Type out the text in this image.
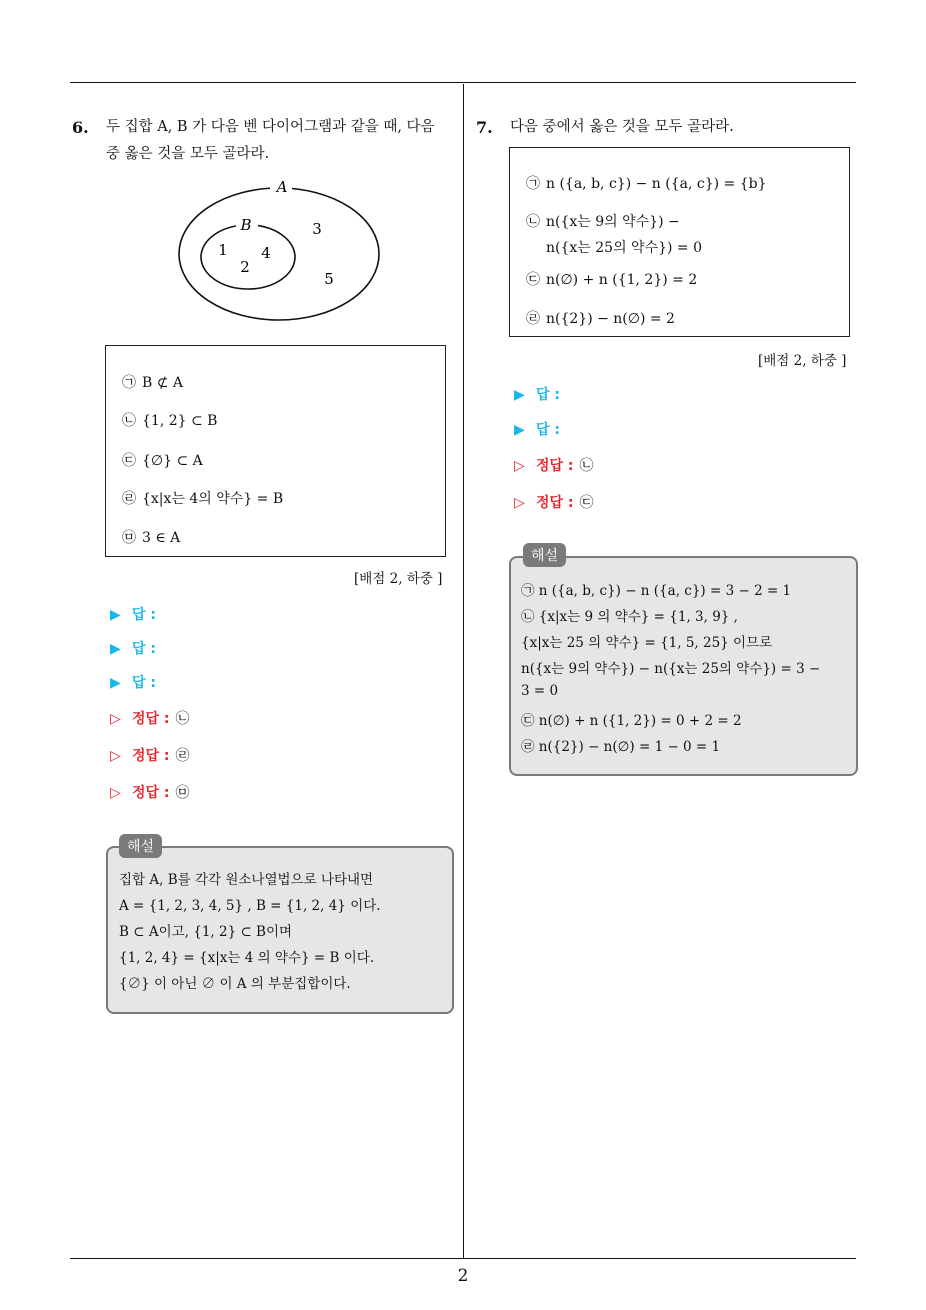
6. 두 집합 A, B 가 다음 벤 다이어그램과 같을 때, 다음
중 옳은 것을 모두 골라라.
A
B
1
2
4
3
5
㉠ B ⊄ A
㉡ {1, 2} ⊂ B
㉢ {∅} ⊂ A
㉣ {x|x는 4의 약수} = B
㉤ 3 ∈ A
[배점 2, 하중 ]
▶ 답 :
▶ 답 :
▶ 답 :
▷ 정답 : ㉡
▷ 정답 : ㉣
▷ 정답 : ㉤
집합 A, B를 각각 원소나열법으로 나타내면
A = {1, 2, 3, 4, 5} , B = {1, 2, 4} 이다.
B ⊂ A이고, {1, 2} ⊂ B이며
{1, 2, 4} = {x|x는 4 의 약수} = B 이다.
{∅} 이 아닌 ∅ 이 A 의 부분집합이다.
해설
7. 다음 중에서 옳은 것을 모두 골라라.
㉠ n ({a, b, c}) − n ({a, c}) = {b}
㉡ n({x는 9의 약수}) −
n({x는 25의 약수}) = 0
㉢ n(∅) + n ({1, 2}) = 2
㉣ n({2}) − n(∅) = 2
[배점 2, 하중 ]
▶ 답 :
▶ 답 :
▷ 정답 : ㉡
▷ 정답 : ㉢
㉠ n ({a, b, c}) − n ({a, c}) = 3 − 2 = 1
㉡ {x|x는 9 의 약수} = {1, 3, 9} ,
{x|x는 25 의 약수} = {1, 5, 25} 이므로
n({x는 9의 약수}) − n({x는 25의 약수}) = 3 −
3 = 0
㉢ n(∅) + n ({1, 2}) = 0 + 2 = 2
㉣ n({2}) − n(∅) = 1 − 0 = 1
해설
2
